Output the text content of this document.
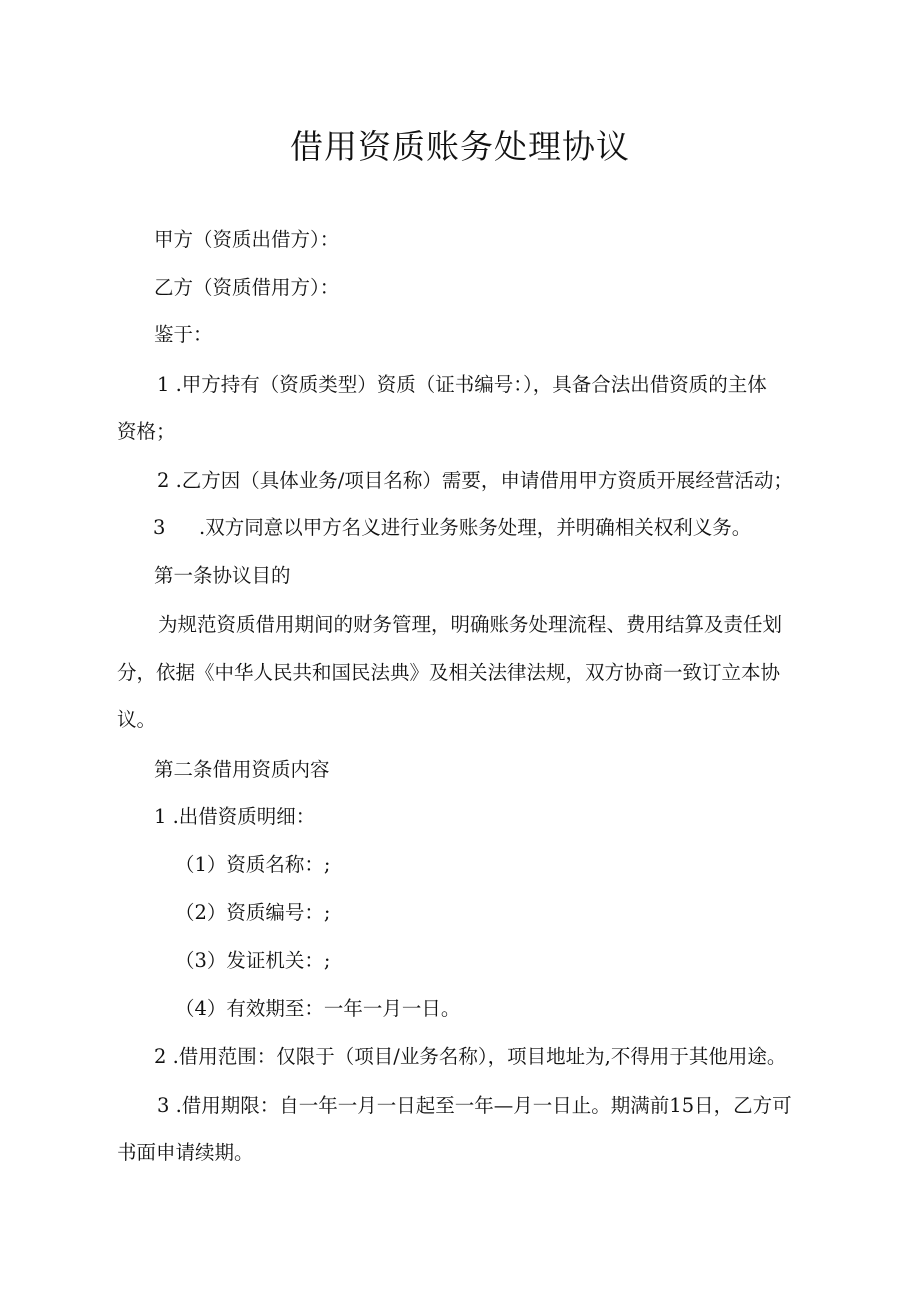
借用资质账务处理协议
甲方（资质出借方）：
乙方（资质借用方）：
鉴于：
1 .甲方持有（资质类型）资质（证书编号：），具备合法出借资质的主体
资格；
2 .乙方因（具体业务/项目名称）需要，申请借用甲方资质开展经营活动；
3 .双方同意以甲方名义进行业务账务处理，并明确相关权利义务。
第一条协议目的
为规范资质借用期间的财务管理，明确账务处理流程、费用结算及责任划
分，依据《中华人民共和国民法典》及相关法律法规，双方协商一致订立本协
议。
第二条借用资质内容
1 .出借资质明细：
（1）资质名称：;
（2）资质编号：;
（3）发证机关：;
（4）有效期至：一年一月一日。
2 .借用范围：仅限于（项目/业务名称），项目地址为,不得用于其他用途。
3 .借用期限：自一年一月一日起至一年—月一日止。期满前15日，乙方可
书面申请续期。
